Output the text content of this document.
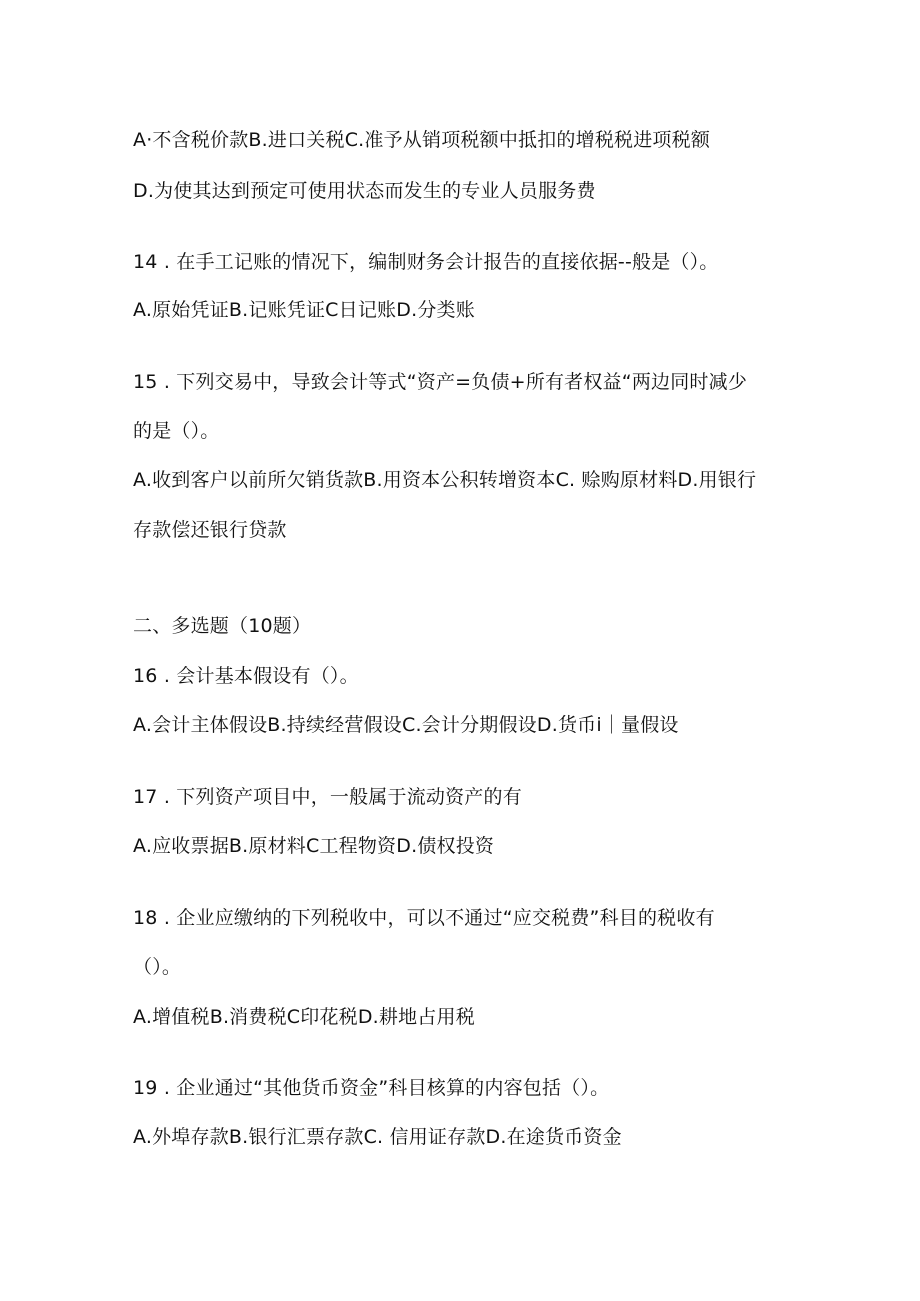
A·不含税价款B.进口关税C.准予从销项税额中抵扣的增税税进项税额
D.为使其达到预定可使用状态而发生的专业人员服务费
14 . 在手工记账的情况下，编制财务会计报告的直接依据--般是（）。
A.原始凭证B.记账凭证C日记账D.分类账
15 . 下列交易中，导致会计等式“资产=负债+所有者权益“两边同时减少
的是（）。
A.收到客户以前所欠销货款B.用资本公积转增资本C. 赊购原材料D.用银行
存款偿还银行贷款
二、多选题（10题）
16 . 会计基本假设有（）。
A.会计主体假设B.持续经营假设C.会计分期假设D.货币i｜量假设
17 . 下列资产项目中，一般属于流动资产的有
A.应收票据B.原材料C工程物资D.债权投资
18 . 企业应缴纳的下列税收中，可以不通过“应交税费”科目的税收有
（）。
A.增值税B.消费税C印花税D.耕地占用税
19 . 企业通过“其他货币资金”科目核算的内容包括（）。
A.外埠存款B.银行汇票存款C. 信用证存款D.在途货币资金
